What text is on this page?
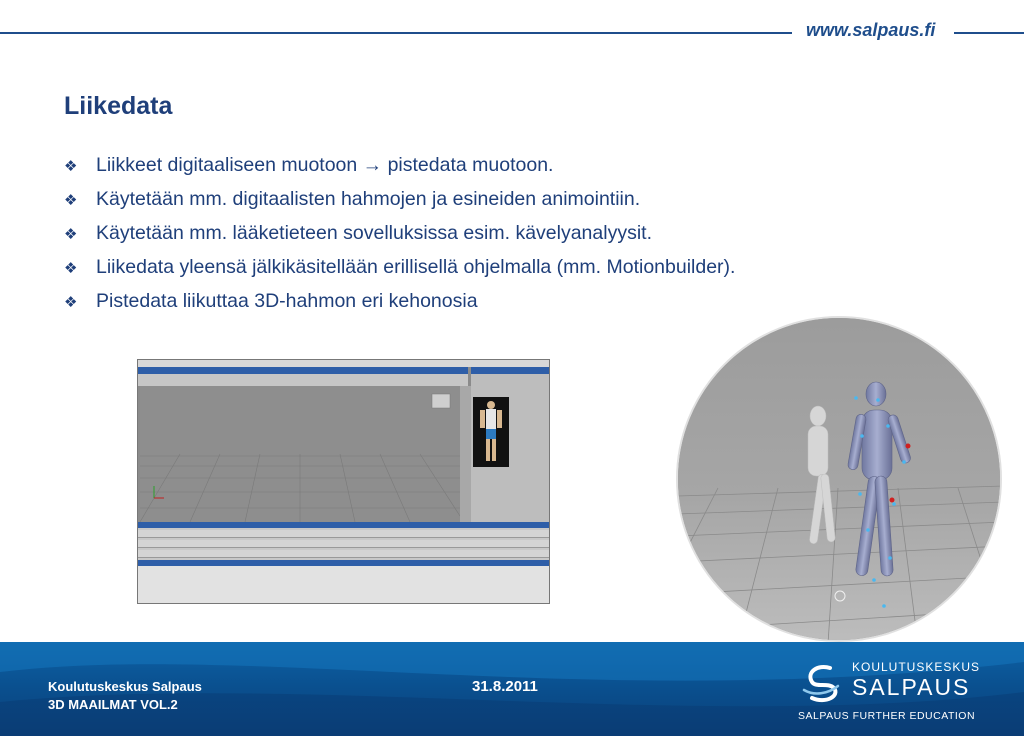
www.salpaus.fi
Liikedata
❖ Liikkeet digitaaliseen muotoon → pistedata muotoon.
❖ Käytetään mm. digitaalisten hahmojen ja esineiden animointiin.
❖ Käytetään mm. lääketieteen sovelluksissa esim. kävelyanalyysit.
❖ Liikedata yleensä jälkikäsitellään erillisellä ohjelmalla (mm. Motionbuilder).
❖ Pistedata liikuttaa 3D-hahmon eri kehonosia
Koulutuskeskus Salpaus
3D MAAILMAT VOL.2
31.8.2011
KOULUTUSKESKUS
SALPAUS
SALPAUS FURTHER EDUCATION
